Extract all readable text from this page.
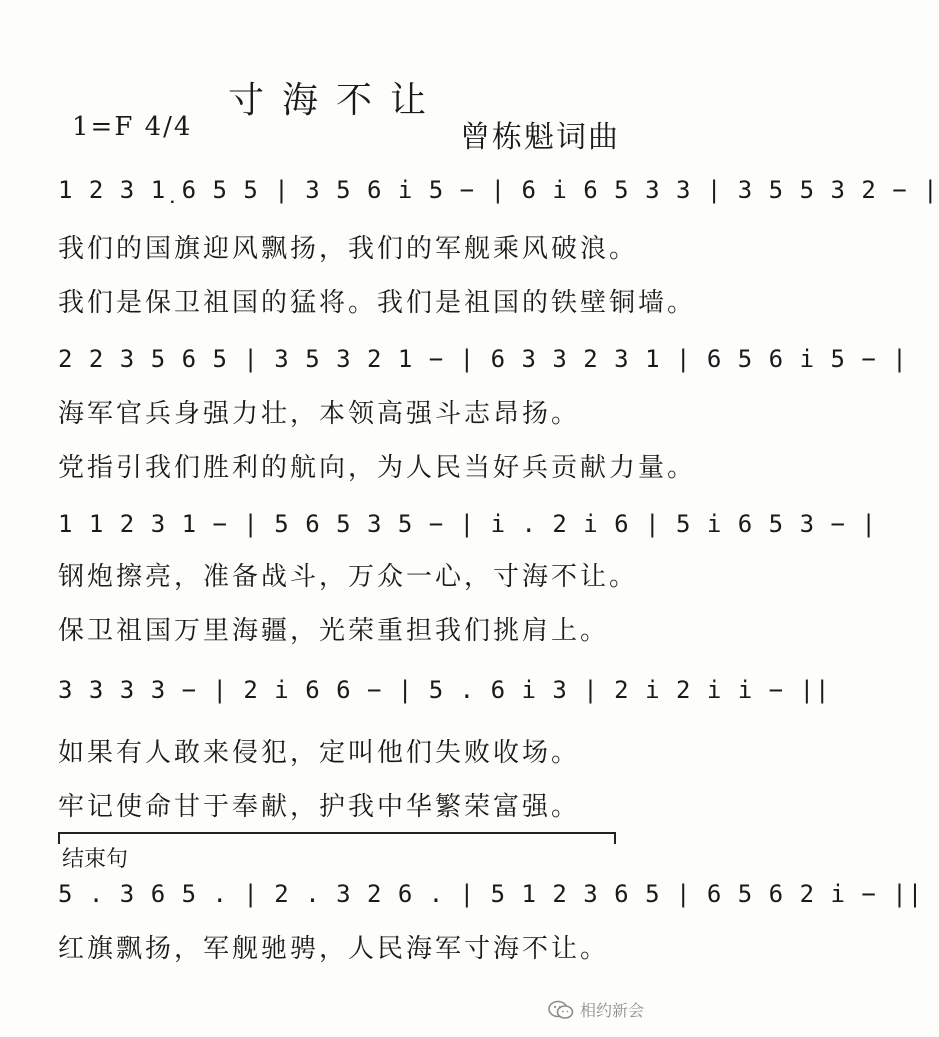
寸海不让
1=F 4/4	曾栋魁词曲
1 2 3 1̣ 6 5 5 | 3 5 6 i 5 − | 6 i 6 5 3 3 | 3 5 5 3 2 − |
我们的国旗迎风飘扬，我们的军舰乘风破浪。
我们是保卫祖国的猛将。我们是祖国的铁壁铜墙。
2 2 3 5 6 5 | 3 5 3 2 1 − | 6 3 3 2 3 1 | 6 5 6 i 5 − |
海军官兵身强力壮，本领高强斗志昂扬。
党指引我们胜利的航向，为人民当好兵贡献力量。
1 1 2 3 1 − | 5 6 5 3 5 − | i . 2 i 6 | 5 i 6 5 3 − |
钢炮擦亮，准备战斗，万众一心，寸海不让。
保卫祖国万里海疆，光荣重担我们挑肩上。
3 3 3 3 − | 2 i 6 6 − | 5 . 6 i 3 | 2 i 2 i i − ||
如果有人敢来侵犯，定叫他们失败收场。
牢记使命甘于奉献，护我中华繁荣富强。
结束句
5 . 3 6 5 . | 2 . 3 2 6 . | 5 1 2 3 6 5 | 6 5 6 2 i − ||
红旗飘扬，军舰驰骋，人民海军寸海不让。
相约新会
